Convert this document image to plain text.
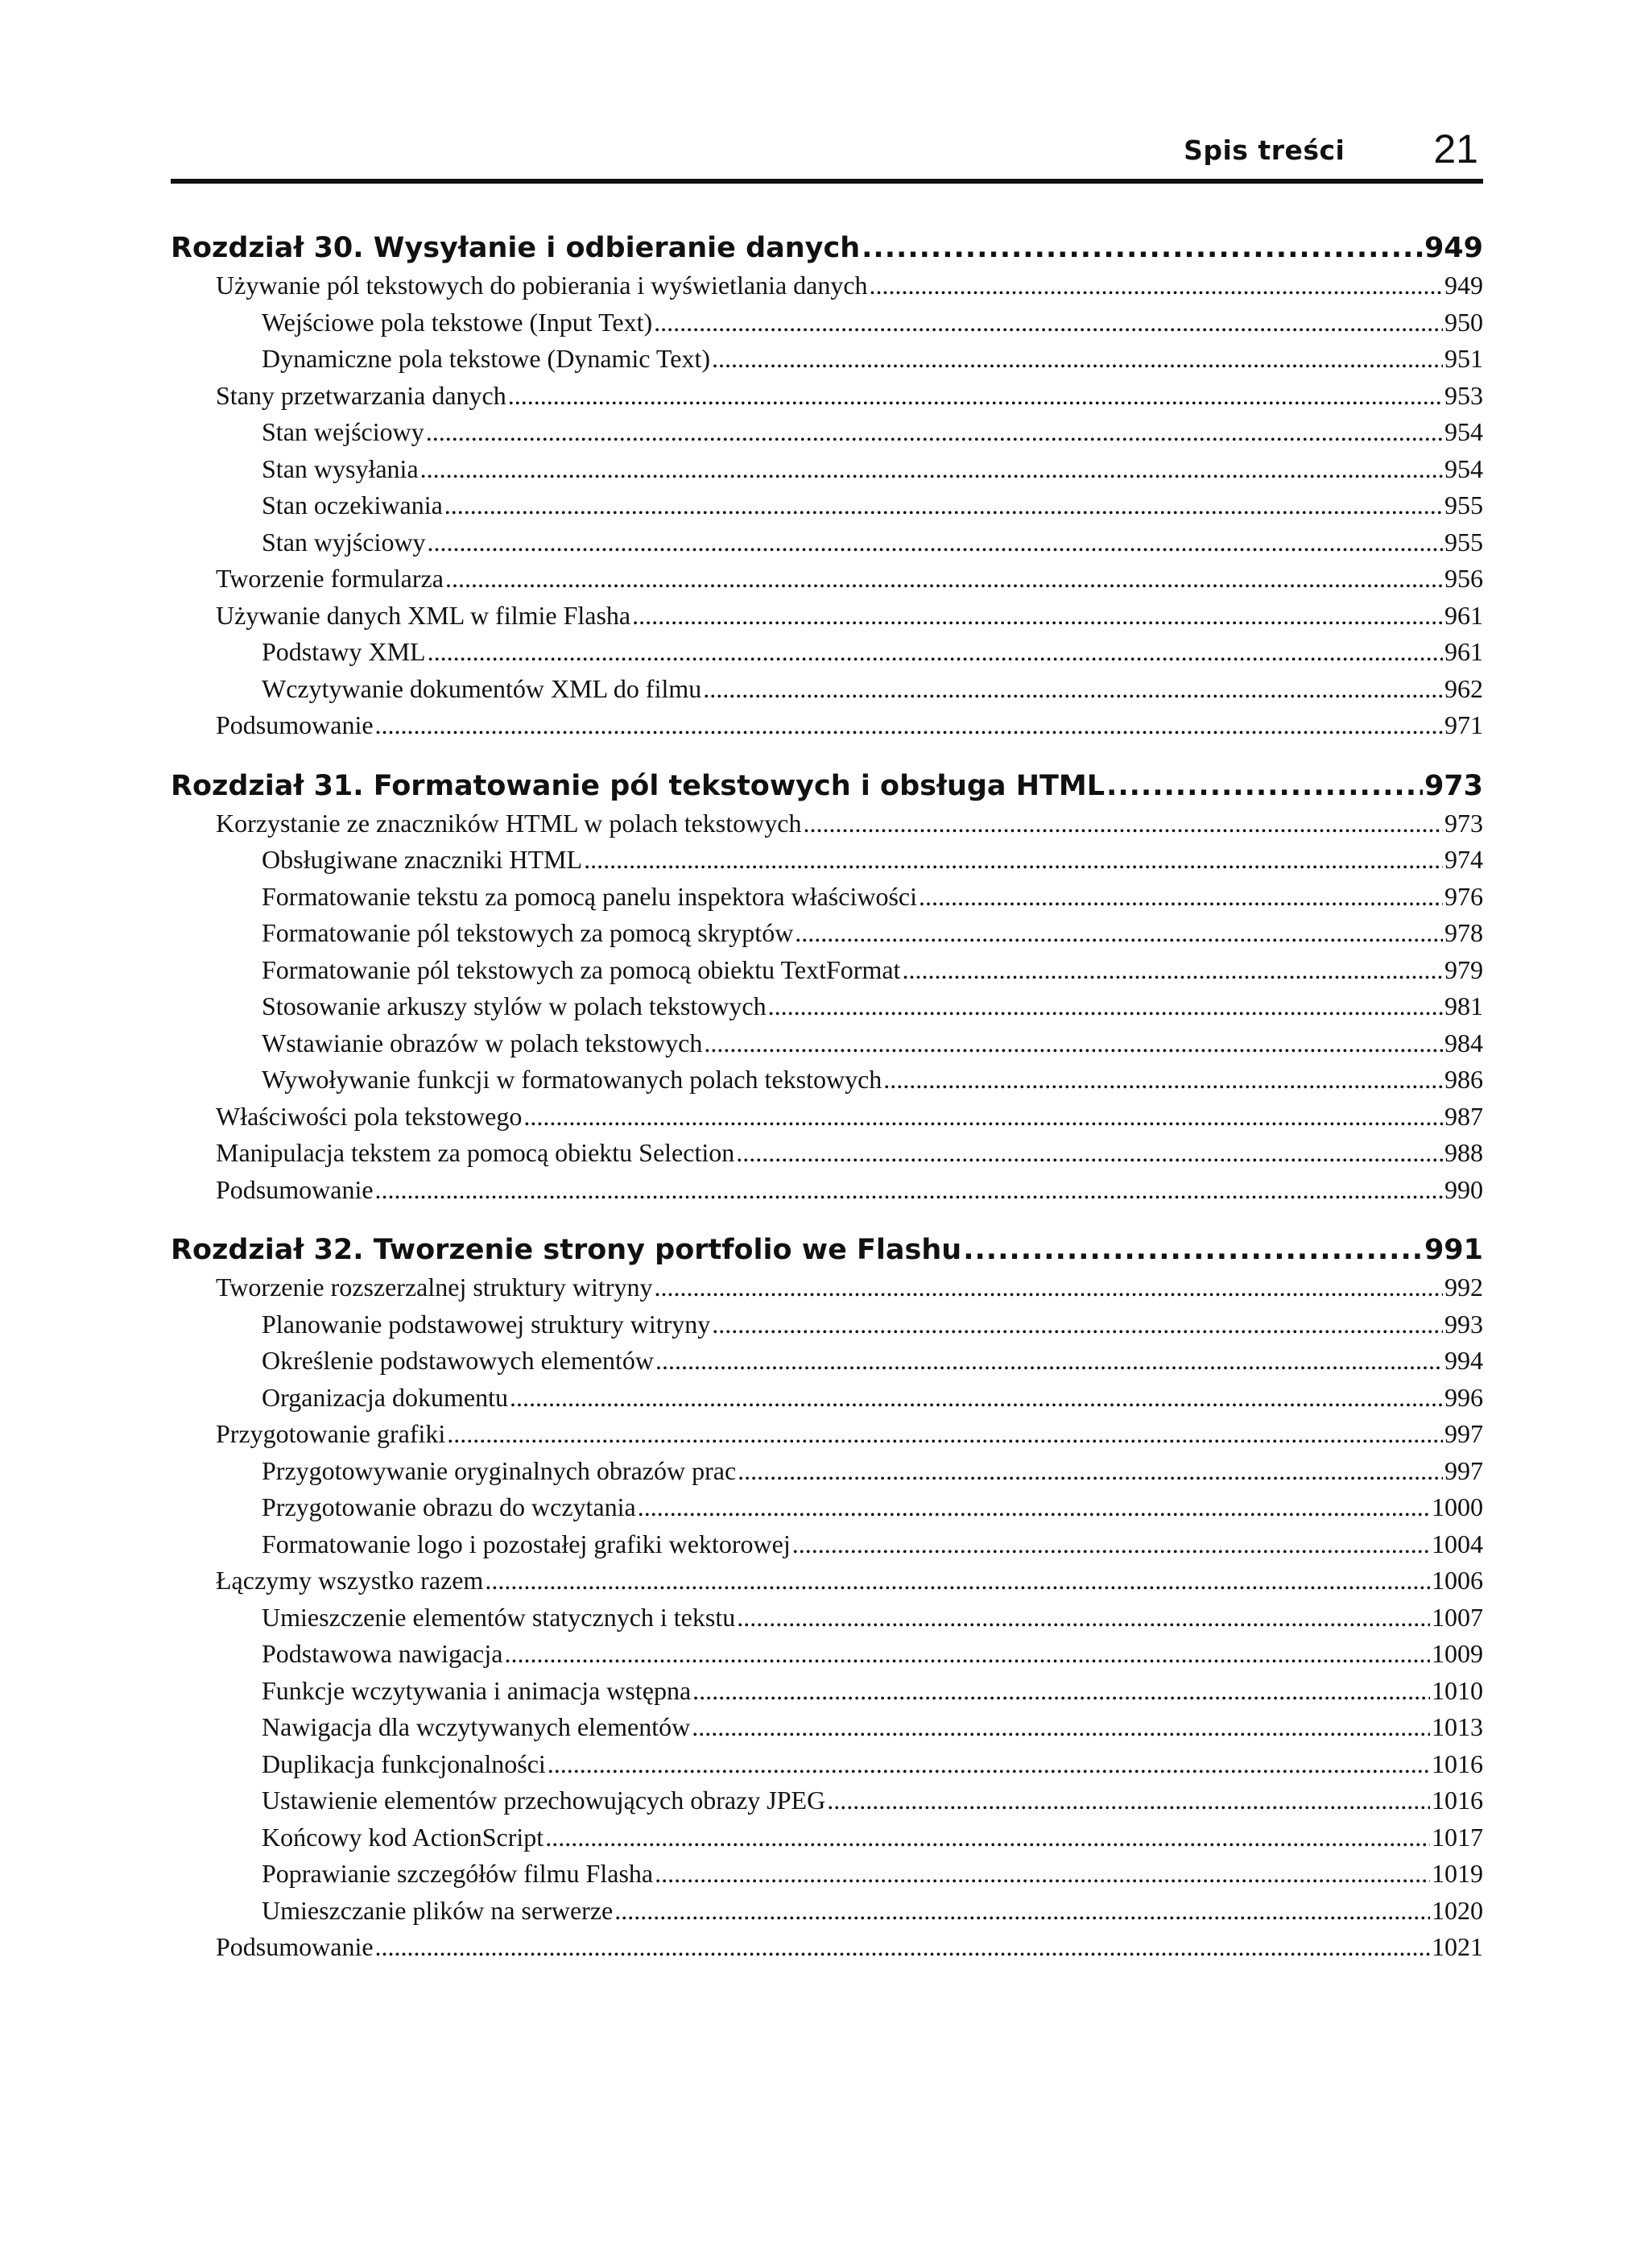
Spis treści 21
Rozdział 30. Wysyłanie i odbieranie danych .....	949
Używanie pól tekstowych do pobierania i wyświetlania danych .....	949
Wejściowe pola tekstowe (Input Text) .....	950
Dynamiczne pola tekstowe (Dynamic Text) .....	951
Stany przetwarzania danych .....	953
Stan wejściowy .....	954
Stan wysyłania .....	954
Stan oczekiwania .....	955
Stan wyjściowy .....	955
Tworzenie formularza .....	956
Używanie danych XML w filmie Flasha .....	961
Podstawy XML .....	961
Wczytywanie dokumentów XML do filmu .....	962
Podsumowanie .....	971
Rozdział 31. Formatowanie pól tekstowych i obsługa HTML .....	973
Korzystanie ze znaczników HTML w polach tekstowych .....	973
Obsługiwane znaczniki HTML .....	974
Formatowanie tekstu za pomocą panelu inspektora właściwości .....	976
Formatowanie pól tekstowych za pomocą skryptów .....	978
Formatowanie pól tekstowych za pomocą obiektu TextFormat .....	979
Stosowanie arkuszy stylów w polach tekstowych .....	981
Wstawianie obrazów w polach tekstowych .....	984
Wywoływanie funkcji w formatowanych polach tekstowych .....	986
Właściwości pola tekstowego .....	987
Manipulacja tekstem za pomocą obiektu Selection .....	988
Podsumowanie .....	990
Rozdział 32. Tworzenie strony portfolio we Flashu .....	991
Tworzenie rozszerzalnej struktury witryny .....	992
Planowanie podstawowej struktury witryny .....	993
Określenie podstawowych elementów .....	994
Organizacja dokumentu .....	996
Przygotowanie grafiki .....	997
Przygotowywanie oryginalnych obrazów prac .....	997
Przygotowanie obrazu do wczytania .....	1000
Formatowanie logo i pozostałej grafiki wektorowej .....	1004
Łączymy wszystko razem .....	1006
Umieszczenie elementów statycznych i tekstu .....	1007
Podstawowa nawigacja .....	1009
Funkcje wczytywania i animacja wstępna .....	1010
Nawigacja dla wczytywanych elementów .....	1013
Duplikacja funkcjonalności .....	1016
Ustawienie elementów przechowujących obrazy JPEG .....	1016
Końcowy kod ActionScript .....	1017
Poprawianie szczegółów filmu Flasha .....	1019
Umieszczanie plików na serwerze .....	1020
Podsumowanie .....	1021
